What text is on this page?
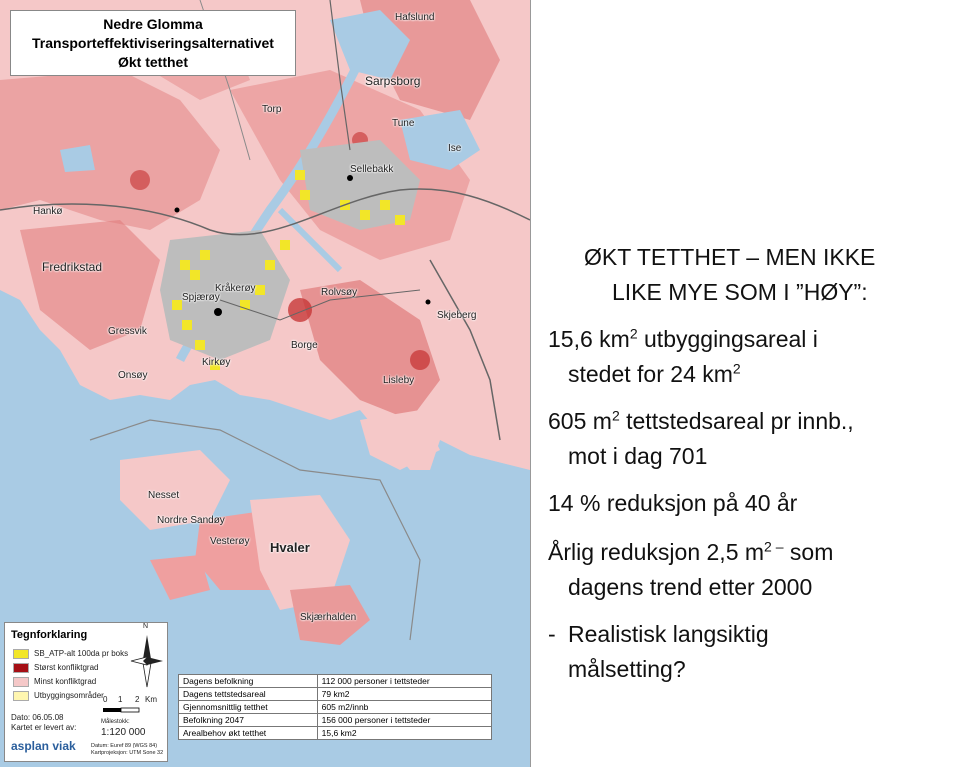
Sarpsborg
Fredrikstad
Hvaler
Ise
Hafslund
Tune
Gressvik
Kråkerøy
Torp
Sellebakk
Rolvsøy
Skjeberg
Borge
Onsøy	Lisleby
Hankø
Kirkøy
Nesset
Nordre Sandøy
Vesterøy
Spjærøy
Skjærhalden
Nedre Glomma
Transporteffektiviseringsalternativet
Økt tetthet
Tegnforklaring
SB_ATP-alt 100da pr boks
Størst konfliktgrad
Minst konfliktgrad
Utbyggingsområder
N
0 1 2 Km
Målestokk:
1:120 000
Dato: 06.05.08
Kartet er levert av:
asplan viak	Datum: Euref 89 (WGS 84)
Kartprojeksjon: UTM Sone 32
Dagens befolkning	112 000 personer i tettsteder
Dagens tettstedsareal	79 km2
Gjennomsnittlig tetthet	605 m2/innb
Befolkning 2047	156 000 personer i tettsteder
Arealbehov økt tetthet	15,6 km2
ØKT TETTHET – MEN IKKE
LIKE MYE SOM I ”HØY”:
15,6 $km^2$ utbyggingsareal i
stedet for 24 $km^2$
605 $m^2$ tettstedsareal pr innb.,
mot i dag 701
14 % reduksjon på 40 år
Årlig reduksjon 2,5 $m^{2 -}$ som
dagens trend etter 2000
- Realistisk langsiktig
målsetting?
